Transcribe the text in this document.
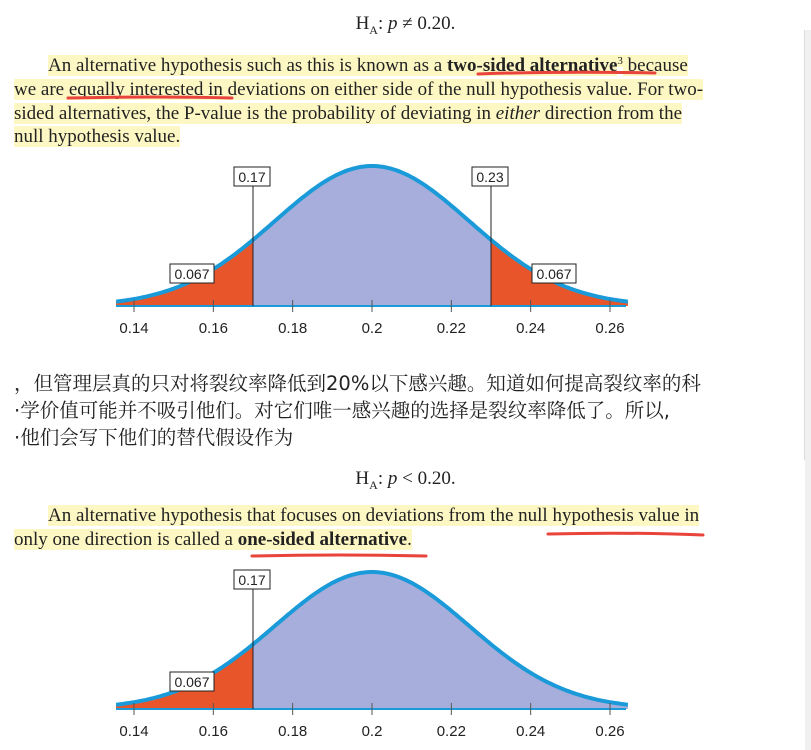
$H_A$: p ≠ 0.20.
An alternative hypothesis such as this is known as a two-sided alternative$^3$ because
we are equally interested in deviations on either side of the null hypothesis value. For two-
sided alternatives, the P-value is the probability of deviating in either direction from the
null hypothesis value.
0.14	0.16	0.18	0.2	0.22	0.24	0.26
0.17	0.23
0.067	0.067
，但管理层真的只对将裂纹率降低到20%以下感兴趣。知道如何提高裂纹率的科
·学价值可能并不吸引他们。对它们唯一感兴趣的选择是裂纹率降低了。所以,
·他们会写下他们的替代假设作为
$H_A$: p < 0.20.
An alternative hypothesis that focuses on deviations from the null hypothesis value in
only one direction is called a one-sided alternative.
0.14	0.16	0.18	0.2	0.22	0.24	0.26
0.17
0.067
